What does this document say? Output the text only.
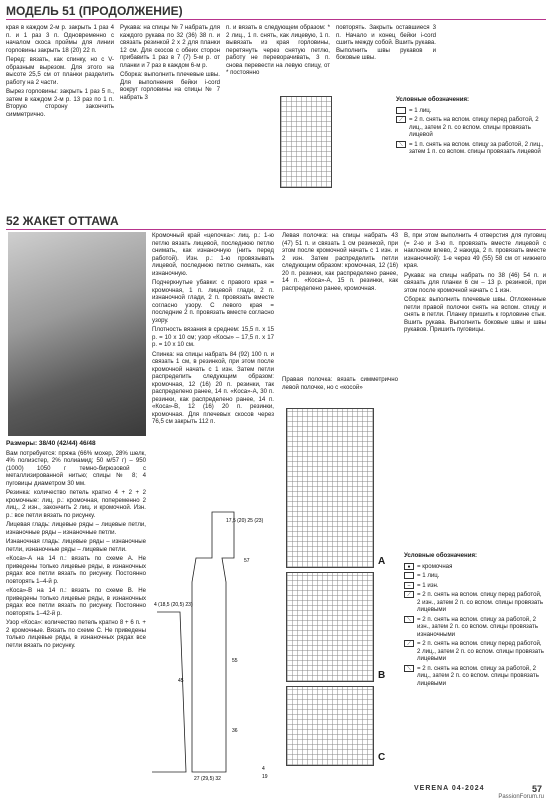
МОДЕЛЬ 51 (ПРОДОЛЖЕНИЕ)

края в каждом 2-м р. закрыть 1 раз 4 п. и 1 раз 3 п. Одновременно с началом скоса проймы для линии горловины закрыть 18 (20) 22 п.

Перед: вязать, как спинку, но с V-образным вырезом. Для этого на высоте 25,5 см от планки разделить работу на 2 части.

Вырез горловины: закрыть 1 раз 5 п., затем в каждом 2-м р. 13 раз по 1 п. Вторую сторону закончить симметрично.

Рукава: на спицы № 7 набрать для каждого рукава по 32 (36) 38 п. и связать резинкой 2 х 2 для планки 12 см. Для скосов с обеих сторон прибавить 1 раз в 7 (7) 5-м р. от планки и 7 раз в каждом 6-м р.

Сборка: выполнить плечевые швы. Для выполнения бейки i-cord вокруг горловины на спицы № 7 набрать 3

п. и вязать в следующем образом: * 2 лиц., 1 п. снять, как лицевую, 1 п. вывязать из края горловины, перетянуть через снятую петлю, работу не переворачивать, 3 п. снова перевести на левую спицу, от * постоянно

повторять. Закрыть оставшиеся 3 п. Начало и конец бейки i-cord сшить между собой. Вшить рукава. Выполнить швы рукавов и боковые швы.

Условные обозначения:
= 1 лиц.
⟋	= 2 п. снять на вспом. спицу перед работой, 2 лиц., затем 2 п. со вспом. спицы провязать лицевой
⟍	= 1 п. снять на вспом. спицу за работой, 2 лиц., затем 1 п. со вспом. спицы провязать лицевой
52 ЖАКЕТ OTTAWA

Размеры: 38/40 (42/44) 46/48

Вам потребуется: пряжа (66% мохер, 28% шелк, 4% полиэстер, 2% полиамид; 50 м/57 г) – 950 (1000) 1050 г темно-бирюзовой с металлизированной нитью; спицы № 8; 4 пуговицы диаметром 30 мм.

Резинка: количество петель кратно 4 + 2 + 2 кромочные: лиц. р.: кромочная, попеременно 2 лиц., 2 изн., закончить 2 лиц. и кромочной. Изн. р.: все петли вязать по рисунку.

Лицевая гладь: лицевые ряды – лицевые петли, изнаночные ряды – изнаночные петли.

Изнаночная гладь: лицевые ряды – изнаночные петли, изнаночные ряды – лицевые петли.

«Коса»-А на 14 п.: вязать по схеме А. Не приведены только лицевые ряды, в изнаночных рядах все петли вязать по рисунку. Постоянно повторять 1–4-й р.

«Коса»-В на 14 п.: вязать по схеме В. Не приведены только лицевые ряды, в изнаночных рядах все петли вязать по рисунку. Постоянно повторять 1–42-й р.

Узор «Коса»: количество петель кратно 8 + 6 п. + 2 кромочные. Вязать по схеме С. Не приведены только лицевые ряды, в изнаночных рядах все петли вязать по рисунку.

Кромочный край «цепочка»: лиц. р.: 1-ю петлю вязать лицевой, последнюю петлю снимать, как изнаночную (нить перед работой). Изн. р.: 1-ю провязывать лицевой, последнюю петлю снимать, как изнаночную.

Подчеркнутые убавки: с правого края = кромочная, 1 п. лицевой глади, 2 п. изнаночной глади, 2 п. провязать вместе согласно узору. С левого края = последние 2 п. провязать вместе согласно узору.

Плотность вязания в среднем: 15,5 п. х 15 р. = 10 х 10 см; узор «Косы» – 17,5 п. х 17 р. = 10 х 10 см.

Спинка: на спицы набрать 84 (92) 100 п. и связать 1 см, в резинкой, при этом после кромочной начать с 1 изн. Затем петли распределить следующим образом: кромочная, 12 (16) 20 п. резинки, так распределено ранее, 14 п. «Коса»-А, 30 п. резинки, как распределено ранее, 14 п. «Коса»-В, 12 (16) 20 п. резинки, кромочная. Для плечевых скосов через 76,5 см закрыть 112 п.

17,5 (20) 25 (23)
57
45
55
36
4 (18,5 (20,5) 23)
27 (29,5) 32	19
4

Левая полочка: на спицы набрать 43 (47) 51 п. и связать 1 см резинкой, при этом после кромочной начать с 1 изн. и 2 изн. Затем распределить петли следующим образом: кромочная, 12 (16) 20 п. резинки, как распределено ранее, 14 п. «Коса»-А, 15 п. резинки, как распределено ранее, кромочная.

Правая полочка: вязать симметрично левой полочке, но с «косой»

A
B
C

В, при этом выполнить 4 отверстия для пуговиц (= 2-ю и 3-ю п. провязать вместе лицевой с наклоном влево, 2 накида, 2 п. провязать вместе изнаночной): 1-е через 49 (55) 58 см от нижнего края.

Рукава: на спицы набрать по 38 (46) 54 п. и связать для планки 6 см – 13 р. резинкой, при этом после кромочной начать с 1 изн.

Сборка: выполнить плечевые швы. Отложенные петли правой полочки снять на вспом. спицу и снять в петли. Планку пришить к горловине стык. Вшить рукава. Выполнить боковые швы и швы рукавов. Пришить пуговицы.

Условные обозначения:
●	= кромочная
= 1 лиц.
–	= 1 изн.
⟋	= 2 п. снять на вспом. спицу перед работой, 2 изн., затем 2 п. со вспом. спицы провязать лицевыми
⟍	= 2 п. снять на вспом. спицу за работой, 2 изн., затем 2 п. со вспом. спицы провязать изнаночными
⟋	= 2 п. снять на вспом. спицу перед работой, 2 лиц., затем 2 п. со вспом. спицы провязать лицевыми
⟍	= 2 п. снять на вспом. спицу за работой, 2 лиц., затем 2 п. со вспом. спицы провязать лицевыми
VERENA 04-2024	57
PassionForum.ru
